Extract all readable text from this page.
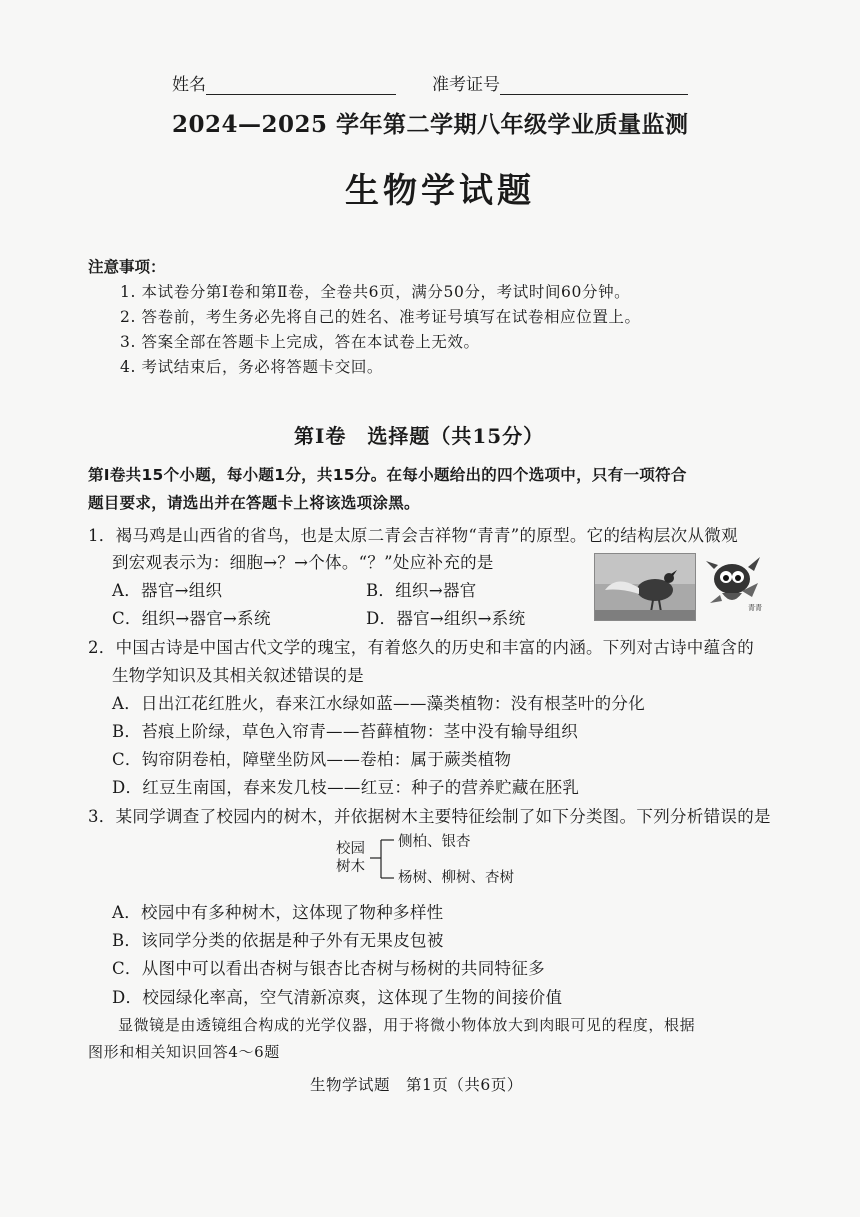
姓名	准考证号
2024—2025 学年第二学期八年级学业质量监测
生物学试题
注意事项：
1. 本试卷分第Ⅰ卷和第Ⅱ卷，全卷共6页，满分50分，考试时间60分钟。
2. 答卷前，考生务必先将自己的姓名、准考证号填写在试卷相应位置上。
3. 答案全部在答题卡上完成，答在本试卷上无效。
4. 考试结束后，务必将答题卡交回。
第Ⅰ卷　选择题（共15分）
第Ⅰ卷共15个小题，每小题1分，共15分。在每小题给出的四个选项中，只有一项符合
题目要求，请选出并在答题卡上将该选项涂黑。
1．褐马鸡是山西省的省鸟，也是太原二青会吉祥物“青青”的原型。它的结构层次从微观
到宏观表示为：细胞→？→个体。“？”处应补充的是
A．器官→组织	B．组织→器官
C．组织→器官→系统	D．器官→组织→系统
青青
2．中国古诗是中国古代文学的瑰宝，有着悠久的历史和丰富的内涵。下列对古诗中蕴含的
生物学知识及其相关叙述错误的是
A．日出江花红胜火，春来江水绿如蓝——藻类植物：没有根茎叶的分化
B．苔痕上阶绿，草色入帘青——苔藓植物：茎中没有输导组织
C．钩帘阴卷柏，障壁坐防风——卷柏：属于蕨类植物
D．红豆生南国，春来发几枝——红豆：种子的营养贮藏在胚乳
3．某同学调查了校园内的树木，并依据树木主要特征绘制了如下分类图。下列分析错误的是
校园
树木
侧柏、银杏
杨树、柳树、杏树
A．校园中有多种树木，这体现了物种多样性
B．该同学分类的依据是种子外有无果皮包被
C．从图中可以看出杏树与银杏比杏树与杨树的共同特征多
D．校园绿化率高，空气清新凉爽，这体现了生物的间接价值
显微镜是由透镜组合构成的光学仪器，用于将微小物体放大到肉眼可见的程度，根据
图形和相关知识回答4～6题
生物学试题　第1页（共6页）
